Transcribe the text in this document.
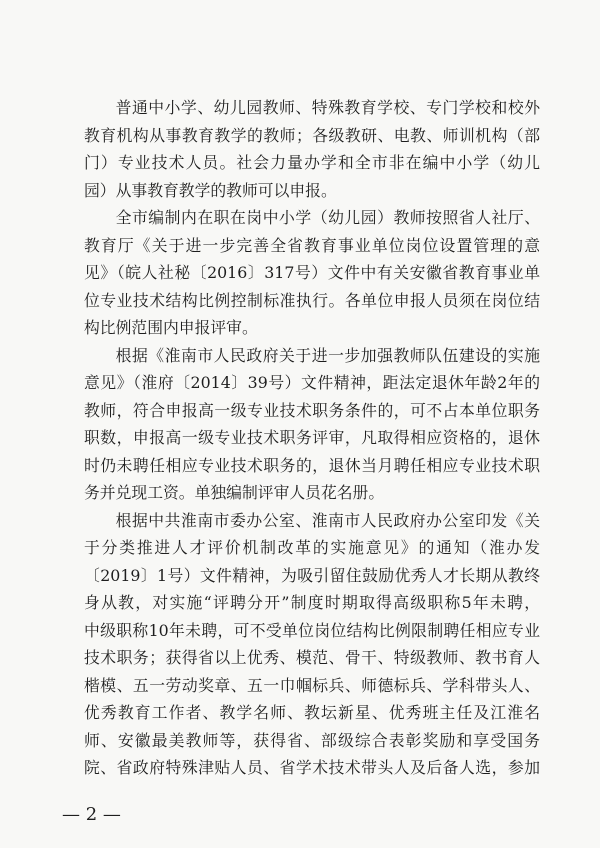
普通中小学、幼儿园教师、特殊教育学校、专门学校和校外
教育机构从事教育教学的教师；各级教研、电教、师训机构（部
门）专业技术人员。社会力量办学和全市非在编中小学（幼儿
园）从事教育教学的教师可以申报。
全市编制内在职在岗中小学（幼儿园）教师按照省人社厅、
教育厅《关于进一步完善全省教育事业单位岗位设置管理的意
见》（皖人社秘〔2016〕317号）文件中有关安徽省教育事业单
位专业技术结构比例控制标准执行。各单位申报人员须在岗位结
构比例范围内申报评审。
根据《淮南市人民政府关于进一步加强教师队伍建设的实施
意见》（淮府〔2014〕39号）文件精神，距法定退休年龄2年的
教师，符合申报高一级专业技术职务条件的，可不占本单位职务
职数，申报高一级专业技术职务评审，凡取得相应资格的，退休
时仍未聘任相应专业技术职务的，退休当月聘任相应专业技术职
务并兑现工资。单独编制评审人员花名册。
根据中共淮南市委办公室、淮南市人民政府办公室印发《关
于分类推进人才评价机制改革的实施意见》的通知（淮办发
〔2019〕1号）文件精神，为吸引留住鼓励优秀人才长期从教终
身从教，对实施“评聘分开”制度时期取得高级职称5年未聘，
中级职称10年未聘，可不受单位岗位结构比例限制聘任相应专业
技术职务；获得省以上优秀、模范、骨干、特级教师、教书育人
楷模、五一劳动奖章、五一巾帼标兵、师德标兵、学科带头人、
优秀教育工作者、教学名师、教坛新星、优秀班主任及江淮名
师、安徽最美教师等，获得省、部级综合表彰奖励和享受国务
院、省政府特殊津贴人员、省学术技术带头人及后备人选，参加
— 2 —
